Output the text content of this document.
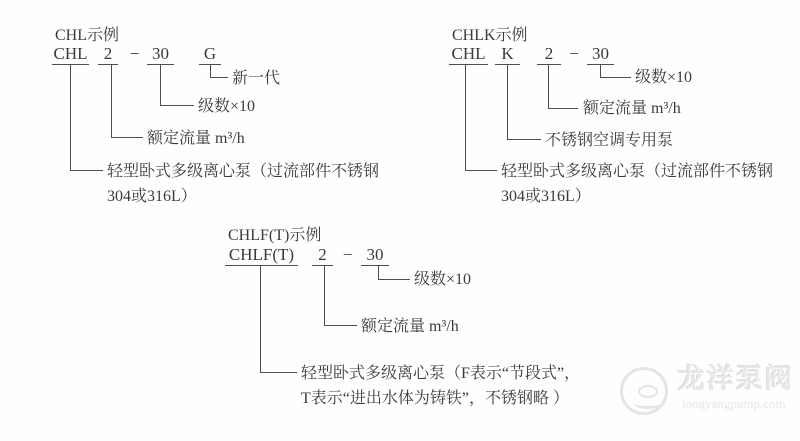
CHL示例
CHL 2	− 30 G
新一代
级数×10
额定流量 m³/h
轻型卧式多级离心泵（过流部件不锈钢
304或316L）
CHLK示例
CHL K	2 − 30
级数×10
额定流量 m³/h
不锈钢空调专用泵
轻型卧式多级离心泵（过流部件不锈钢
304或316L）
CHLF(T)示例
CHLF(T)	2 − 30
级数×10
额定流量 m³/h
轻型卧式多级离心泵（F表示“节段式”，
T表示“进出水体为铸铁”，不锈钢略 ）
龙洋泵阀
longyangpump.com
